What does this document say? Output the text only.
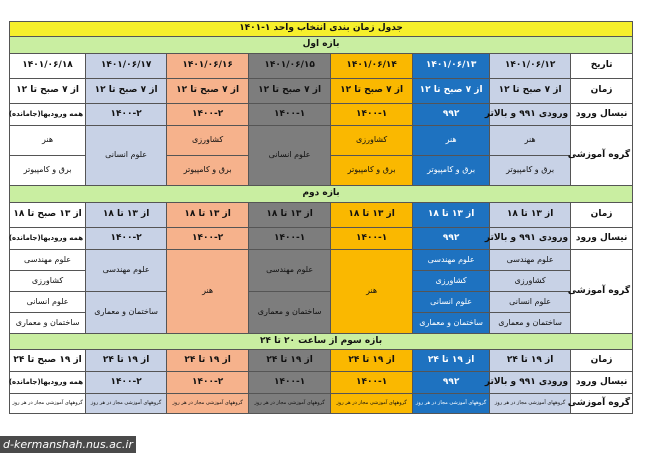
جدول زمان بندی انتخاب واحد ۱-۱۴۰۱							
بازه اول							
تاریخ	۱۴۰۱/۰۶/۱۲	۱۴۰۱/۰۶/۱۳	۱۴۰۱/۰۶/۱۴	۱۴۰۱/۰۶/۱۵	۱۴۰۱/۰۶/۱۶	۱۴۰۱/۰۶/۱۷	۱۴۰۱/۰۶/۱۸
زمان	از ۷ صبح تا ۱۲	از ۷ صبح تا ۱۲	از ۷ صبح تا ۱۲	از ۷ صبح تا ۱۲	از ۷ صبح تا ۱۲	از ۷ صبح تا ۱۲	از ۷ صبح تا ۱۲
نیسال ورود	ورودی ۹۹۱ و بالاتر	۹۹۲	۱۴۰۰-۱	۱۴۰۰-۱	۱۴۰۰-۲	۱۴۰۰-۲	همه ورودیها(جامانده)
گروه آموزشی	هنر	هنر	کشاورزی	علوم انسانی	کشاورزی	علوم انسانی	هنر
	برق و کامپیوتر	برق و کامپیوتر	برق و کامپیوتر		برق و کامپیوتر		برق و کامپیوتر
بازه دوم							
زمان	از ۱۳ تا ۱۸	از ۱۳ تا ۱۸	از ۱۳ تا ۱۸	از ۱۳ تا ۱۸	از ۱۳ تا ۱۸	از ۱۳ تا ۱۸	از ۱۳ صبح تا ۱۸
نیسال ورود	ورودی ۹۹۱ و بالاتر	۹۹۲	۱۴۰۰-۱	۱۴۰۰-۱	۱۴۰۰-۲	۱۴۰۰-۲	همه ورودیها(جامانده)
گروه آموزشی	علوم مهندسی	علوم مهندسی	هنر	علوم مهندسی	هنر	علوم مهندسی	علوم مهندسی
	کشاورزی	کشاورزی					کشاورزی
	علوم انسانی	علوم انسانی		ساختمان و معماری		ساختمان و معماری	علوم انسانی
	ساختمان و معماری	ساختمان و معماری					ساختمان و معماری
بازه سوم از ساعت ۲۰ تا ۲۴							
زمان	از ۱۹ تا ۲۴	از ۱۹ تا ۲۴	از ۱۹ تا ۲۴	از ۱۹ تا ۲۴	از ۱۹ تا ۲۴	از ۱۹ تا ۲۴	از ۱۹ صبح تا ۲۴
نیسال ورود	ورودی ۹۹۱ و بالاتر	۹۹۲	۱۴۰۰-۱	۱۴۰۰-۱	۱۴۰۰-۲	۱۴۰۰-۲	همه ورودیها(جامانده)
گروه آموزشی	گروههای آموزشی مجاز در هر روز	گروههای آموزشی مجاز در هر روز	گروههای آموزشی مجاز در هر روز	گروههای آموزشی مجاز در هر روز	گروههای آموزشی مجاز در هر روز	گروههای آموزشی مجاز در هر روز	گروههای آموزشی مجاز در هر روز
d-kermanshah.nus.ac.ir
